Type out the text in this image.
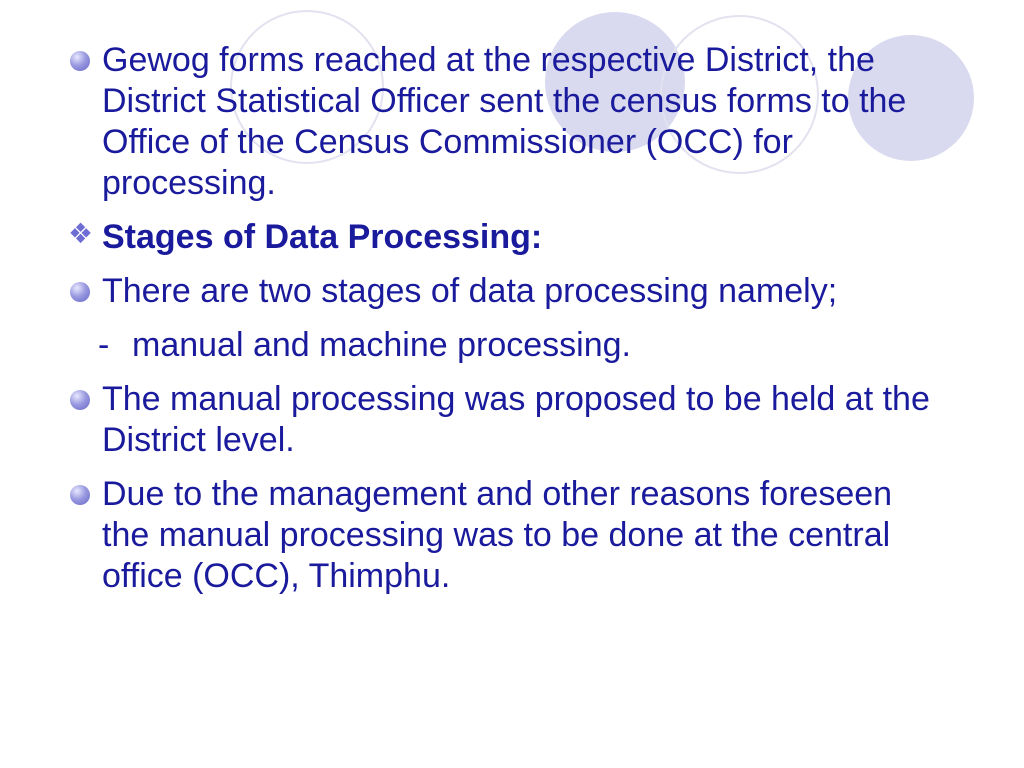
Gewog forms reached at the respective District, the District Statistical Officer sent the census forms to the Office of the Census Commissioner (OCC) for processing.
❖ Stages of Data Processing:
There are two stages of data processing namely;
- manual and machine processing.
The manual processing was proposed to be held at the District level.
Due to the management and other reasons foreseen the manual processing was to be done at the central office (OCC), Thimphu.
